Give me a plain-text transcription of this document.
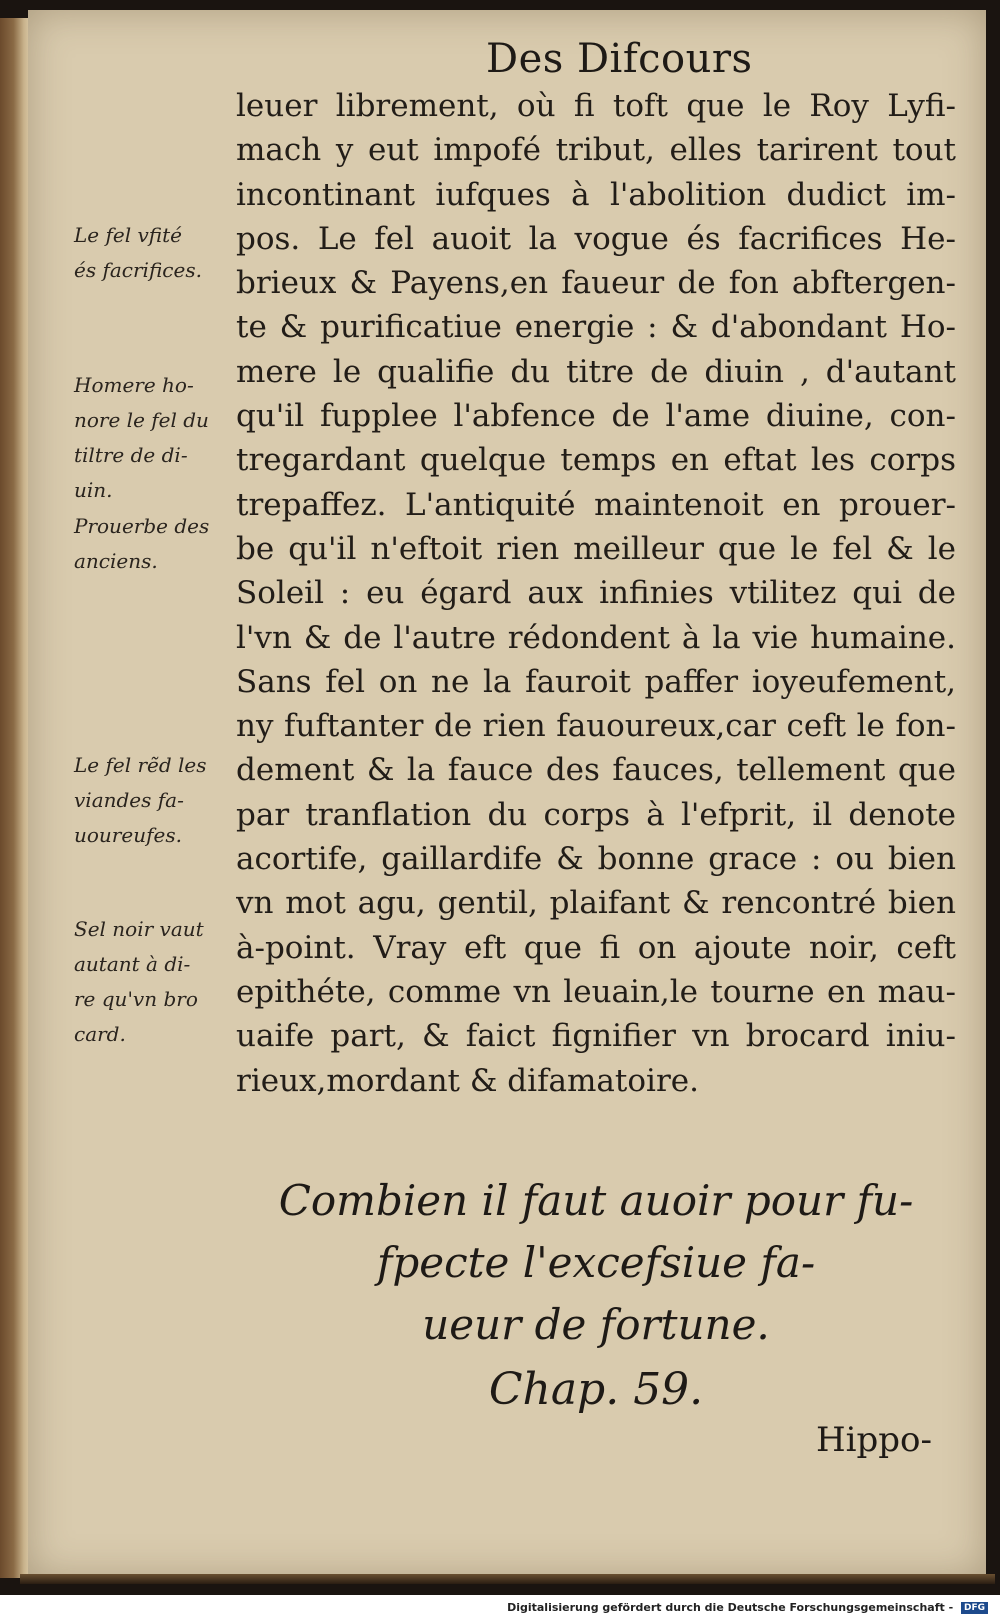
Des Difcours
leuer librement, où fi toft que le Roy Lyfi-
mach y eut impofé tribut, elles tarirent tout
incontinant iufques à l'abolition dudict im-
pos. Le fel auoit la vogue és facrifices He-
brieux & Payens,en faueur de fon abftergen-
te & purificatiue energie : & d'abondant Ho-
mere le qualifie du titre de diuin , d'autant
qu'il fupplee l'abfence de l'ame diuine, con-
tregardant quelque temps en eftat les corps
trepaffez. L'antiquité maintenoit en prouer-
be qu'il n'eftoit rien meilleur que le fel & le
Soleil : eu égard aux infinies vtilitez qui de
l'vn & de l'autre rédondent à la vie humaine.
Sans fel on ne la fauroit paffer ioyeufement,
ny fuftanter de rien fauoureux,car ceft le fon-
dement & la fauce des fauces, tellement que
par tranflation du corps à l'efprit, il denote
acortife, gaillardife & bonne grace : ou bien
vn mot agu, gentil, plaifant & rencontré bien
à-point. Vray eft que fi on ajoute noir, ceft
epithéte, comme vn leuain,le tourne en mau-
uaife part, & faict fignifier vn brocard iniu-
rieux,mordant & difamatoire.
Le fel vfité
és facrifices.
Homere ho-
nore le fel du
tiltre de di-
uin.
Prouerbe des
anciens.
Le fel rẽd les
viandes fa-
uoureufes.
Sel noir vaut
autant à di-
re qu'vn bro
card.
Combien il faut auoir pour fu-
fpecte l'excefsiue fa-
ueur de fortune.
Chap. 59.
Hippo-
Digitalisierung gefördert durch die Deutsche Forschungsgemeinschaft - DFG
